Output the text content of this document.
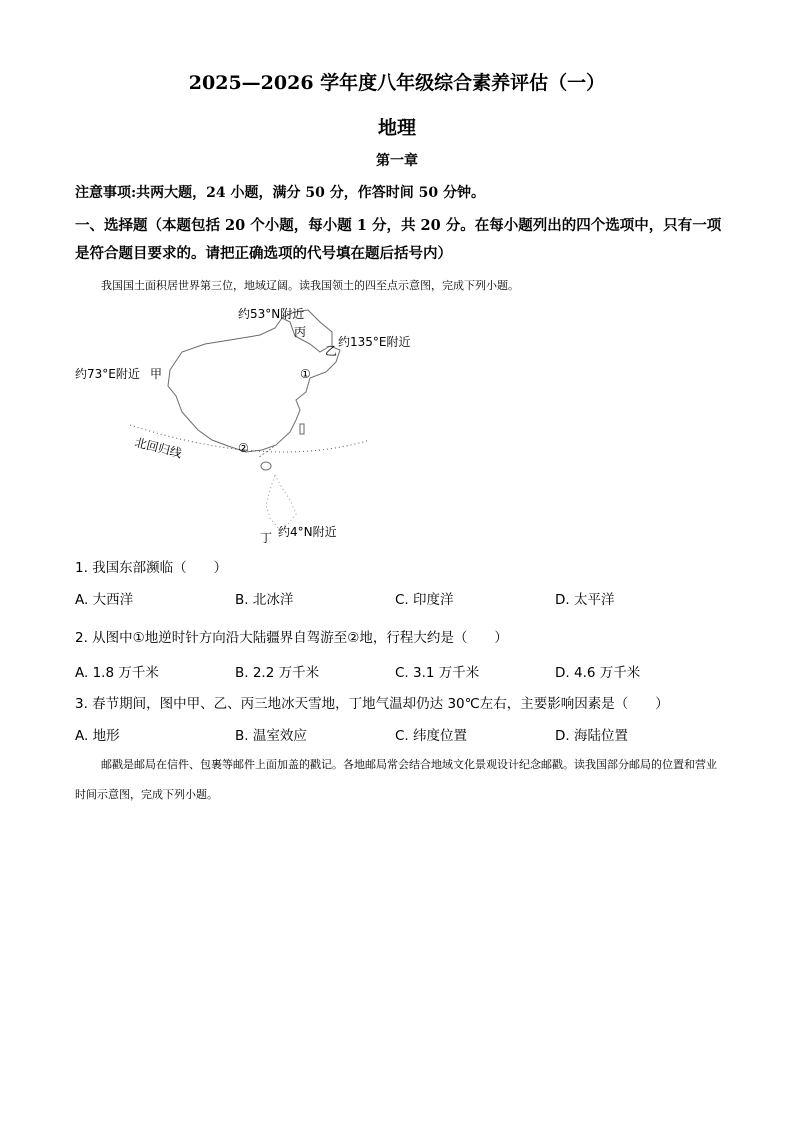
2025—2026 学年度八年级综合素养评估（一）
地理
第一章
注意事项:共两大题，24 小题，满分 50 分，作答时间 50 分钟。
一、选择题（本题包括 20 个小题，每小题 1 分，共 20 分。在每小题列出的四个选项中，只有一项是符合题目要求的。请把正确选项的代号填在题后括号内）
我国国土面积居世界第三位，地域辽阔。读我国领土的四至点示意图，完成下列小题。
约53°N附近
丙
乙
约135°E附近
约73°E附近 甲	①
②
北回归线
约4°N附近
丁
1. 我国东部濒临（　　）
A. 大西洋	B. 北冰洋	C. 印度洋	D. 太平洋
2. 从图中①地逆时针方向沿大陆疆界自驾游至②地，行程大约是（　　）
A. 1.8 万千米	B. 2.2 万千米	C. 3.1 万千米	D. 4.6 万千米
3. 春节期间，图中甲、乙、丙三地冰天雪地，丁地气温却仍达 30℃左右，主要影响因素是（　　）
A. 地形	B. 温室效应	C. 纬度位置	D. 海陆位置
邮戳是邮局在信件、包裹等邮件上面加盖的戳记。各地邮局常会结合地域文化景观设计纪念邮戳。读我国部分邮局的位置和营业时间示意图，完成下列小题。
